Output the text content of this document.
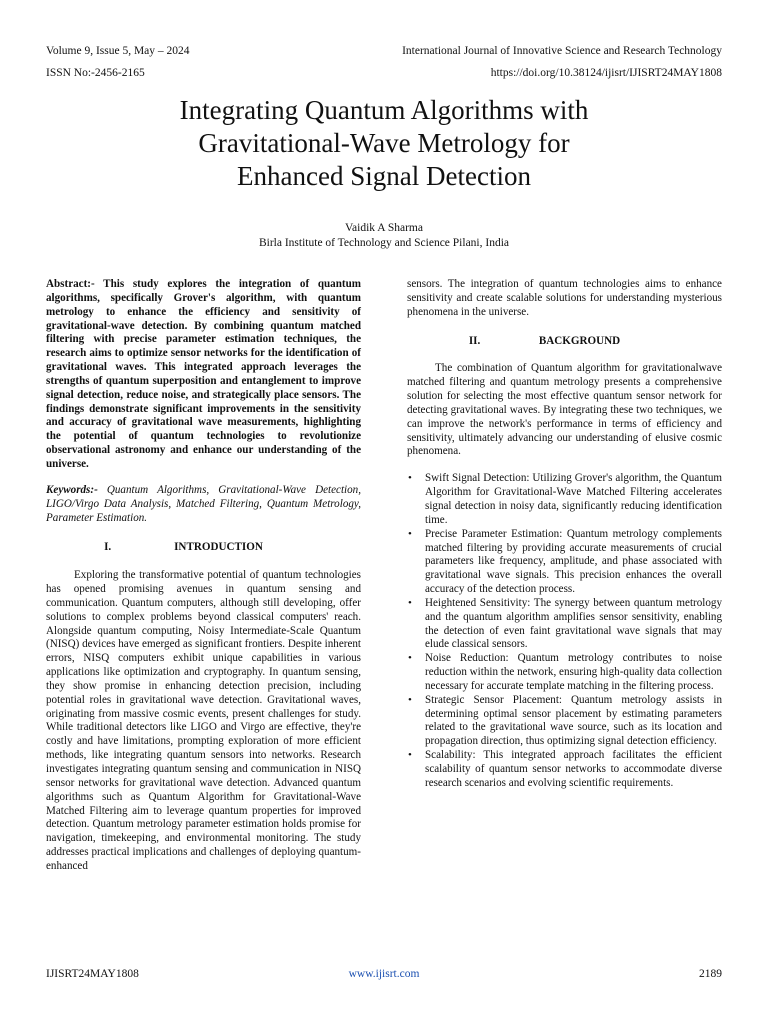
Volume 9, Issue 5, May – 2024	International Journal of Innovative Science and Research Technology
ISSN No:-2456-2165	https://doi.org/10.38124/ijisrt/IJISRT24MAY1808
Integrating Quantum Algorithms with
Gravitational-Wave Metrology for
Enhanced Signal Detection
Vaidik A Sharma
Birla Institute of Technology and Science Pilani, India

Abstract:- This study explores the integration of quantum algorithms, specifically Grover's algorithm, with quantum metrology to enhance the efficiency and sensitivity of gravitational-wave detection. By combining quantum matched filtering with precise parameter estimation techniques, the research aims to optimize sensor networks for the identification of gravitational waves. This integrated approach leverages the strengths of quantum superposition and entanglement to improve signal detection, reduce noise, and strategically place sensors. The findings demonstrate significant improvements in the sensitivity and accuracy of gravitational wave measurements, highlighting the potential of quantum technologies to revolutionize observational astronomy and enhance our understanding of the universe.

Keywords:- Quantum Algorithms, Gravitational-Wave Detection, LIGO/Virgo Data Analysis, Matched Filtering, Quantum Metrology, Parameter Estimation.

I.	INTRODUCTION

Exploring the transformative potential of quantum technologies has opened promising avenues in quantum sensing and communication. Quantum computers, although still developing, offer solutions to complex problems beyond classical computers' reach. Alongside quantum computing, Noisy Intermediate-Scale Quantum (NISQ) devices have emerged as significant frontiers. Despite inherent errors, NISQ computers exhibit unique capabilities in various applications like optimization and cryptography. In quantum sensing, they show promise in enhancing detection precision, including potential roles in gravitational wave detection. Gravitational waves, originating from massive cosmic events, present challenges for study. While traditional detectors like LIGO and Virgo are effective, they're costly and have limitations, prompting exploration of more efficient methods, like integrating quantum sensors into networks. Research investigates integrating quantum sensing and communication in NISQ sensor networks for gravitational wave detection. Advanced quantum algorithms such as Quantum Algorithm for Gravitational-Wave Matched Filtering aim to leverage quantum properties for improved detection. Quantum metrology parameter estimation holds promise for navigation, timekeeping, and environmental monitoring. The study addresses practical implications and challenges of deploying quantum-enhanced

sensors. The integration of quantum technologies aims to enhance sensitivity and create scalable solutions for understanding mysterious phenomena in the universe.

II.	BACKGROUND

The combination of Quantum algorithm for gravitationalwave matched filtering and quantum metrology presents a comprehensive solution for selecting the most effective quantum sensor network for detecting gravitational waves. By integrating these two techniques, we can improve the network's performance in terms of efficiency and sensitivity, ultimately advancing our understanding of elusive cosmic phenomena.

• Swift Signal Detection: Utilizing Grover's algorithm, the Quantum Algorithm for Gravitational-Wave Matched Filtering accelerates signal detection in noisy data, significantly reducing identification time.
• Precise Parameter Estimation: Quantum metrology complements matched filtering by providing accurate measurements of crucial parameters like frequency, amplitude, and phase associated with gravitational wave signals. This precision enhances the overall accuracy of the detection process.
• Heightened Sensitivity: The synergy between quantum metrology and the quantum algorithm amplifies sensor sensitivity, enabling the detection of even faint gravitational wave signals that may elude classical sensors.
• Noise Reduction: Quantum metrology contributes to noise reduction within the network, ensuring high-quality data collection necessary for accurate template matching in the filtering process.
• Strategic Sensor Placement: Quantum metrology assists in determining optimal sensor placement by estimating parameters related to the gravitational wave source, such as its location and propagation direction, thus optimizing signal detection efficiency.
• Scalability: This integrated approach facilitates the efficient scalability of quantum sensor networks to accommodate diverse research scenarios and evolving scientific requirements.
IJISRT24MAY1808	www.ijisrt.com	2189
